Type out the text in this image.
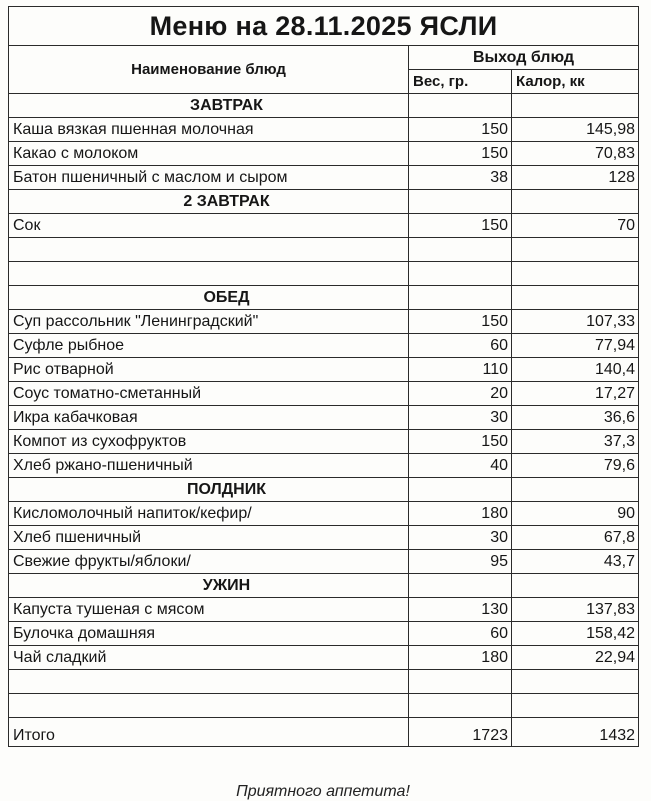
Меню на 28.11.2025 ЯСЛИ		
Наименование блюд	Выход блюд	
	Вес, гр.	Калор, кк
ЗАВТРАК		
Каша вязкая пшенная молочная	150	145,98
Какао с молоком	150	70,83
Батон пшеничный с маслом и сыром	38	128
2 ЗАВТРАК		
Сок	150	70

ОБЕД		
Суп рассольник "Ленинградский"	150	107,33
Суфле рыбное	60	77,94
Рис отварной	110	140,4
Соус томатно-сметанный	20	17,27
Икра кабачковая	30	36,6
Компот из сухофруктов	150	37,3
Хлеб ржано-пшеничный	40	79,6
ПОЛДНИК		
Кисломолочный напиток/кефир/	180	90
Хлеб пшеничный	30	67,8
Свежие фрукты/яблоки/	95	43,7
УЖИН		
Капуста тушеная с мясом	130	137,83
Булочка домашняя	60	158,42
Чай сладкий	180	22,94

Итого	1723	1432
Приятного аппетита!
